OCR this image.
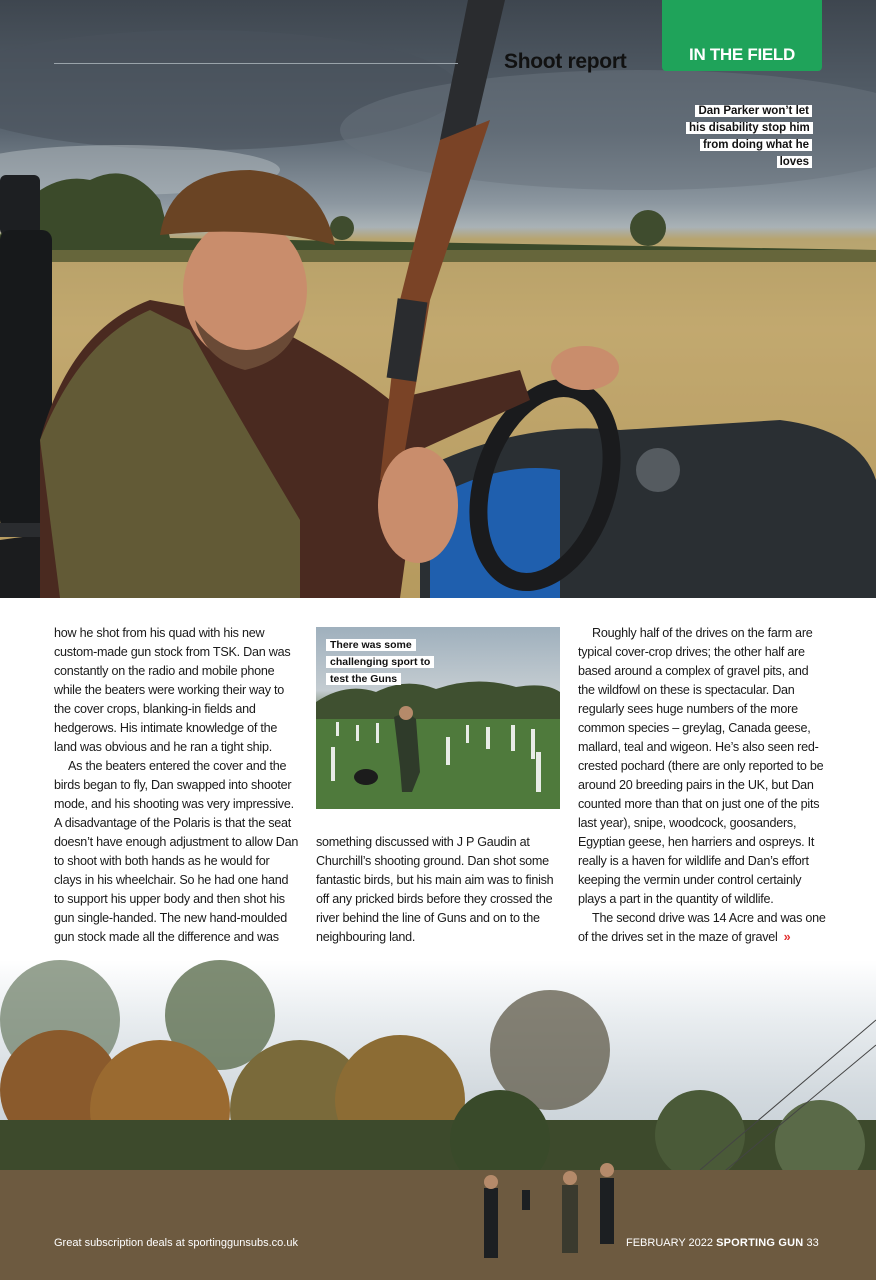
Shoot report	IN THE FIELD
Dan Parker won’t let his disability stop him from doing what he loves

how he shot from his quad with his new custom-made gun stock from TSK. Dan was constantly on the radio and mobile phone while the beaters were working their way to the cover crops, blanking-in fields and hedgerows. His intimate knowledge of the land was obvious and he ran a tight ship.

As the beaters entered the cover and the birds began to fly, Dan swapped into shooter mode, and his shooting was very impressive. A disadvantage of the Polaris is that the seat doesn’t have enough adjustment to allow Dan to shoot with both hands as he would for clays in his wheelchair. So he had one hand to support his upper body and then shot his gun single-handed. The new hand-moulded gun stock made all the difference and was

There was some challenging sport to test the Guns

something discussed with J P Gaudin at Churchill’s shooting ground. Dan shot some fantastic birds, but his main aim was to finish off any pricked birds before they crossed the river behind the line of Guns and on to the neighbouring land.

Roughly half of the drives on the farm are typical cover-crop drives; the other half are based around a complex of gravel pits, and the wildfowl on these is spectacular. Dan regularly sees huge numbers of the more common species – greylag, Canada geese, mallard, teal and wigeon. He’s also seen red-crested pochard (there are only reported to be around 20 breeding pairs in the UK, but Dan counted more than that on just one of the pits last year), snipe, woodcock, goosanders, Egyptian geese, hen harriers and ospreys. It really is a haven for wildlife and Dan’s effort keeping the vermin under control certainly plays a part in the quantity of wildlife.

The second drive was 14 Acre and was one of the drives set in the maze of gravel »

Great subscription deals at sportinggunsubs.co.uk	FEBRUARY 2022 SPORTING GUN 33
